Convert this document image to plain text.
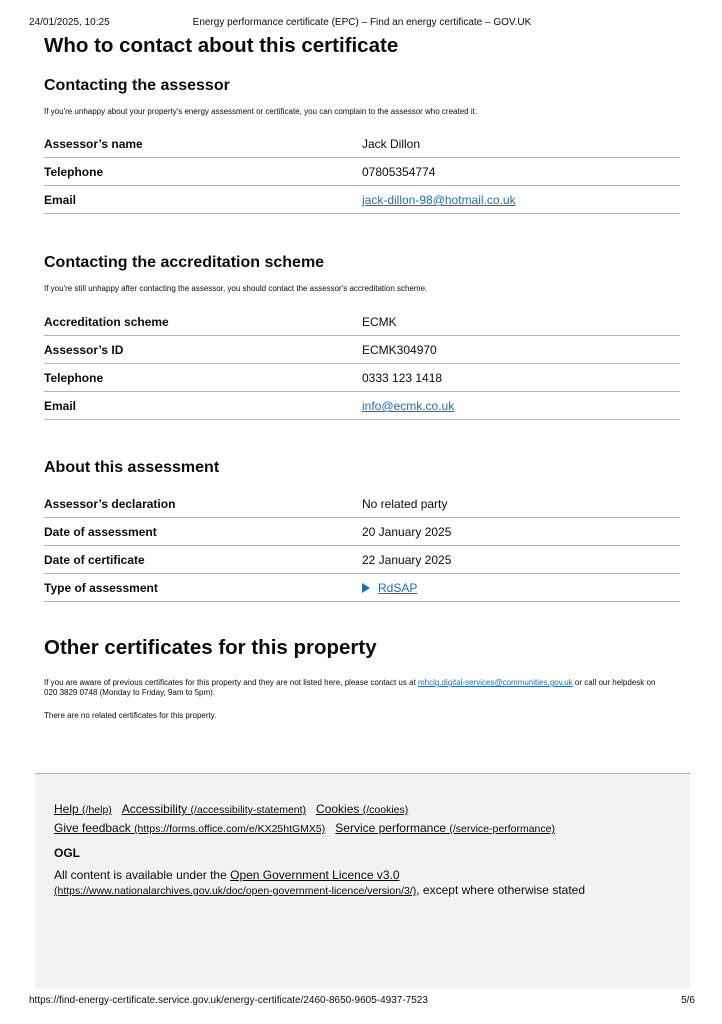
24/01/2025, 10:25	Energy performance certificate (EPC) – Find an energy certificate – GOV.UK
Who to contact about this certificate
Contacting the assessor

If you're unhappy about your property's energy assessment or certificate, you can complain to the assessor who created it.

Assessor’s name	Jack Dillon
Telephone	07805354774
Email	jack-dillon-98@hotmail.co.uk
Contacting the accreditation scheme

If you're still unhappy after contacting the assessor, you should contact the assessor's accreditation scheme.

Accreditation scheme	ECMK
Assessor’s ID	ECMK304970
Telephone	0333 123 1418
Email	info@ecmk.co.uk
About this assessment
Assessor’s declaration	No related party
Date of assessment	20 January 2025
Date of certificate	22 January 2025
Type of assessment	RdSAP
Other certificates for this property

If you are aware of previous certificates for this property and they are not listed here, please contact us at mhclg.digital-services@communities.gov.uk or call our helpdesk on 020 3829 0748 (Monday to Friday, 9am to 5pm).

There are no related certificates for this property.

Help (/help) Accessibility (/accessibility-statement) Cookies (/cookies)
Give feedback (https://forms.office.com/e/KX25htGMX5) Service performance (/service-performance)
OGL

All content is available under the Open Government Licence v3.0
(https://www.nationalarchives.gov.uk/doc/open-government-licence/version/3/), except where otherwise stated

https://find-energy-certificate.service.gov.uk/energy-certificate/2460-8650-9605-4937-7523	5/6
